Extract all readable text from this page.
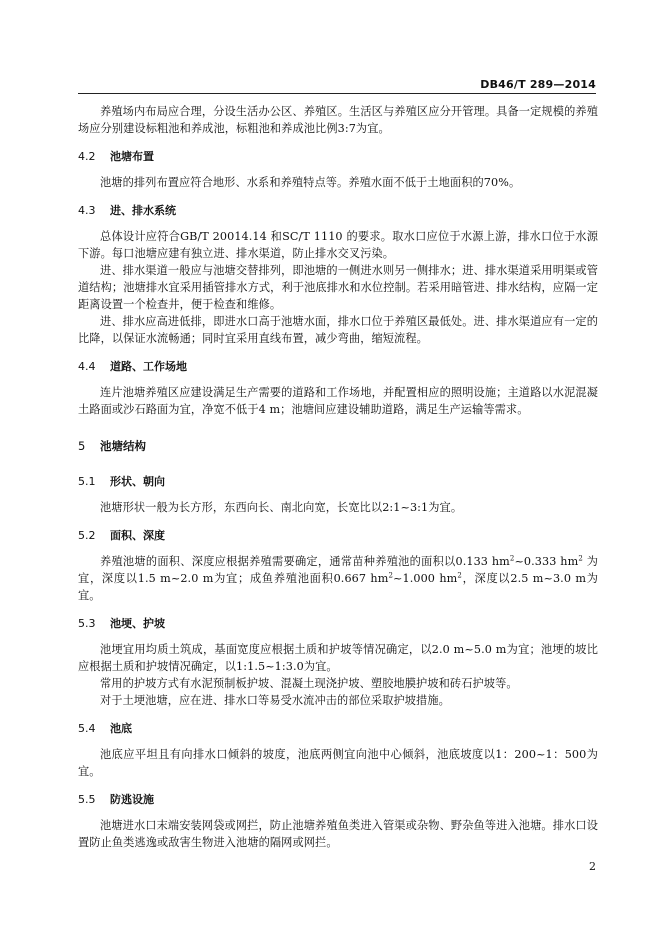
DB46/T 289—2014

养殖场内布局应合理，分设生活办公区、养殖区。生活区与养殖区应分开管理。具备一定规模的养殖场应分别建设标粗池和养成池，标粗池和养成池比例3:7为宜。

4.2 池塘布置

池塘的排列布置应符合地形、水系和养殖特点等。养殖水面不低于土地面积的70%。

4.3 进、排水系统

总体设计应符合GB/T 20014.14 和SC/T 1110 的要求。取水口应位于水源上游，排水口位于水源下游。每口池塘应建有独立进、排水渠道，防止排水交叉污染。

进、排水渠道一般应与池塘交替排列，即池塘的一侧进水则另一侧排水；进、排水渠道采用明渠或管道结构；池塘排水宜采用插管排水方式，利于池底排水和水位控制。若采用暗管进、排水结构，应隔一定距离设置一个检查井，便于检查和维修。

进、排水应高进低排，即进水口高于池塘水面，排水口位于养殖区最低处。进、排水渠道应有一定的比降，以保证水流畅通；同时宜采用直线布置，减少弯曲，缩短流程。

4.4 道路、工作场地

连片池塘养殖区应建设满足生产需要的道路和工作场地，并配置相应的照明设施；主道路以水泥混凝土路面或沙石路面为宜，净宽不低于4 m；池塘间应建设辅助道路，满足生产运输等需求。

5 池塘结构
5.1 形状、朝向

池塘形状一般为长方形，东西向长、南北向宽，长宽比以2:1~3:1为宜。

5.2 面积、深度

养殖池塘的面积、深度应根据养殖需要确定，通常苗种养殖池的面积以0.133 $hm^2\sim 0.333$ $hm^2$ 为宜，深度以1.5 m~2.0 m为宜；成鱼养殖池面积0.667 $hm^2\sim 1.000$ $hm^2$，深度以2.5 m~3.0 m为宜。

5.3 池埂、护坡

池埂宜用均质土筑成，基面宽度应根据土质和护坡等情况确定，以2.0 m~5.0 m为宜；池埂的坡比应根据土质和护坡情况确定，以1:1.5~1:3.0为宜。

常用的护坡方式有水泥预制板护坡、混凝土现浇护坡、塑胶地膜护坡和砖石护坡等。

对于土埂池塘，应在进、排水口等易受水流冲击的部位采取护坡措施。

5.4 池底

池底应平坦且有向排水口倾斜的坡度，池底两侧宜向池中心倾斜，池底坡度以1：200~1：500为宜。

5.5 防逃设施

池塘进水口末端安装网袋或网拦，防止池塘养殖鱼类进入管渠或杂物、野杂鱼等进入池塘。排水口设置防止鱼类逃逸或敌害生物进入池塘的隔网或网拦。

2
